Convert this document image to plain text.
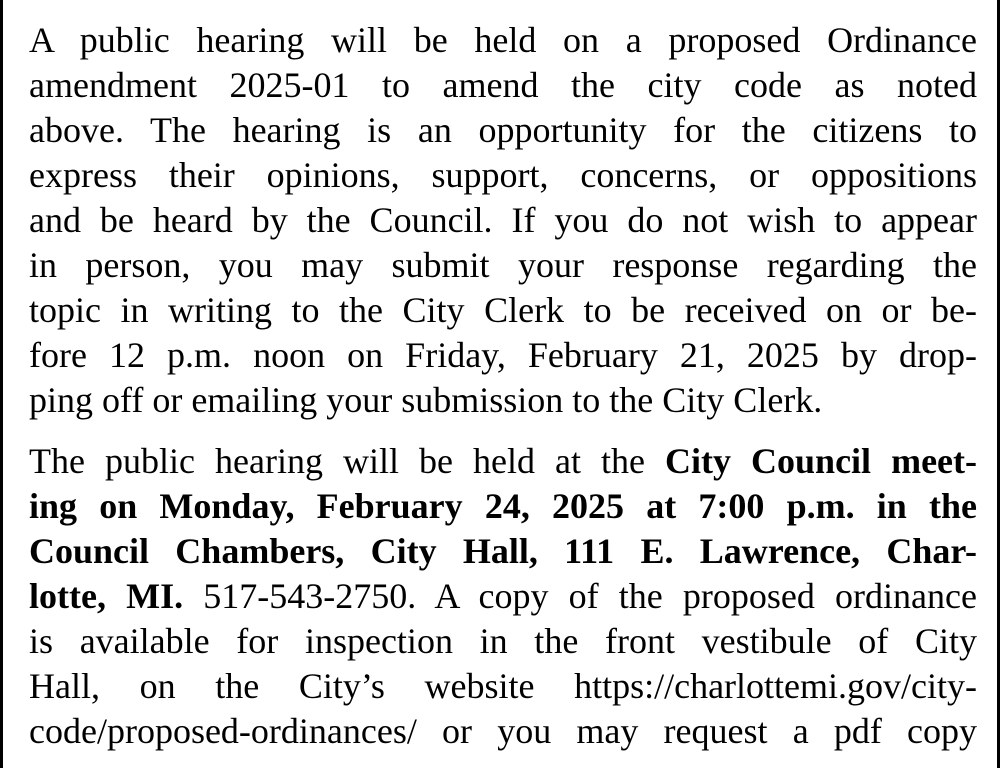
A public hearing will be held on a proposed Ordinance
amendment 2025-01 to amend the city code as noted
above. The hearing is an opportunity for the citizens to
express their opinions, support, concerns, or oppositions
and be heard by the Council. If you do not wish to appear
in person, you may submit your response regarding the
topic in writing to the City Clerk to be received on or be-
fore 12 p.m. noon on Friday, February 21, 2025 by drop-
ping off or emailing your submission to the City Clerk.

The public hearing will be held at the City Council meet-
ing on Monday, February 24, 2025 at 7:00 p.m. in the
Council Chambers, City Hall, 111 E. Lawrence, Char-
lotte, MI. 517-543-2750. A copy of the proposed ordinance
is available for inspection in the front vestibule of City
Hall, on the City’s website https://charlottemi.gov/city-
code/proposed-ordinances/ or you may request a pdf copy
